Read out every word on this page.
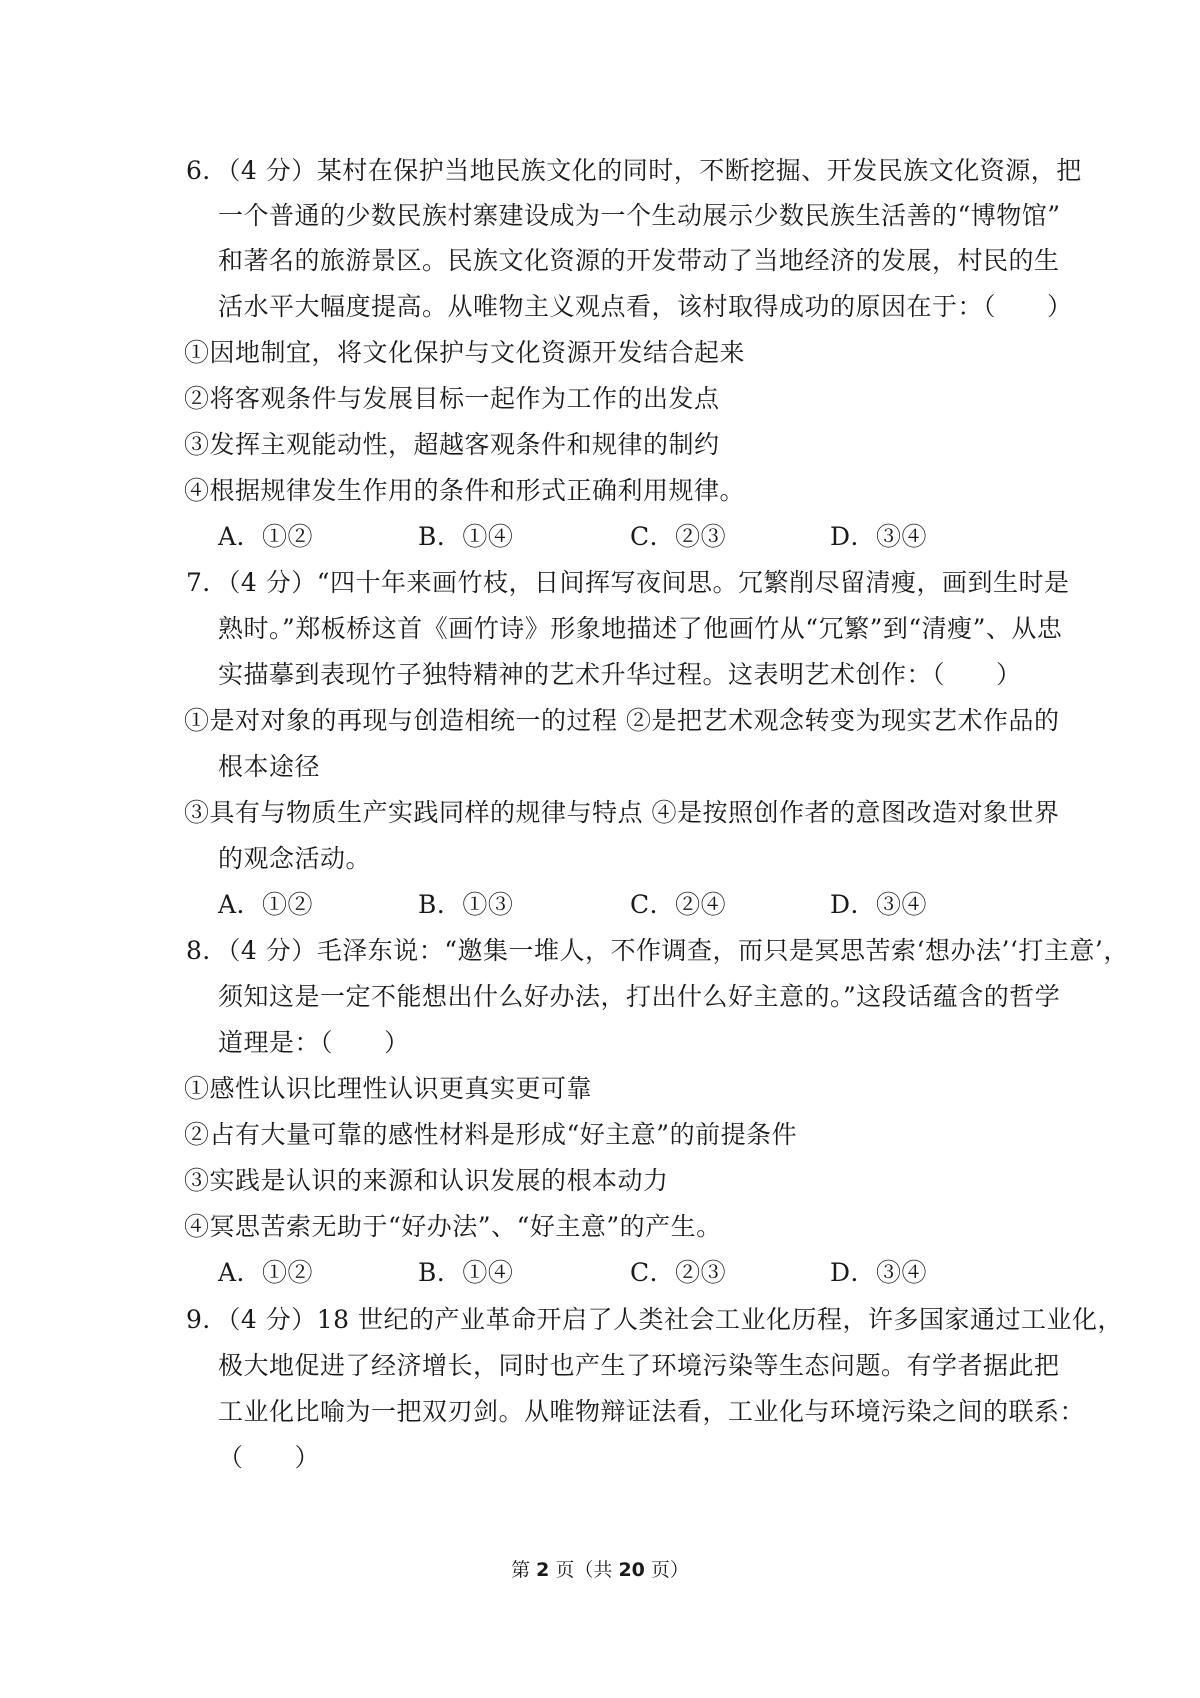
6．（4 分）某村在保护当地民族文化的同时，不断挖掘、开发民族文化资源，把
一个普通的少数民族村寨建设成为一个生动展示少数民族生活善的“博物馆”
和著名的旅游景区。民族文化资源的开发带动了当地经济的发展，村民的生
活水平大幅度提高。从唯物主义观点看，该村取得成功的原因在于：（　　）
①因地制宜，将文化保护与文化资源开发结合起来
②将客观条件与发展目标一起作为工作的出发点
③发挥主观能动性，超越客观条件和规律的制约
④根据规律发生作用的条件和形式正确利用规律。
A．①②	B．①④	C．②③	D．③④
7．（4 分）“四十年来画竹枝，日间挥写夜间思。冗繁削尽留清瘦，画到生时是
熟时。”郑板桥这首《画竹诗》形象地描述了他画竹从“冗繁”到“清瘦”、从忠
实描摹到表现竹子独特精神的艺术升华过程。这表明艺术创作：（　　）
①是对对象的再现与创造相统一的过程 ②是把艺术观念转变为现实艺术作品的
根本途径
③具有与物质生产实践同样的规律与特点 ④是按照创作者的意图改造对象世界
的观念活动。
A．①②	B．①③	C．②④	D．③④
8．（4 分）毛泽东说：“邀集一堆人，不作调查，而只是冥思苦索‘想办法’‘打主意’，
须知这是一定不能想出什么好办法，打出什么好主意的。”这段话蕴含的哲学
道理是：（　　）
①感性认识比理性认识更真实更可靠
②占有大量可靠的感性材料是形成“好主意”的前提条件
③实践是认识的来源和认识发展的根本动力
④冥思苦索无助于“好办法”、“好主意”的产生。
A．①②	B．①④	C．②③	D．③④
9．（4 分）18 世纪的产业革命开启了人类社会工业化历程，许多国家通过工业化，
极大地促进了经济增长，同时也产生了环境污染等生态问题。有学者据此把
工业化比喻为一把双刃剑。从唯物辩证法看，工业化与环境污染之间的联系：
（　　）
第 2 页（共 20 页）
